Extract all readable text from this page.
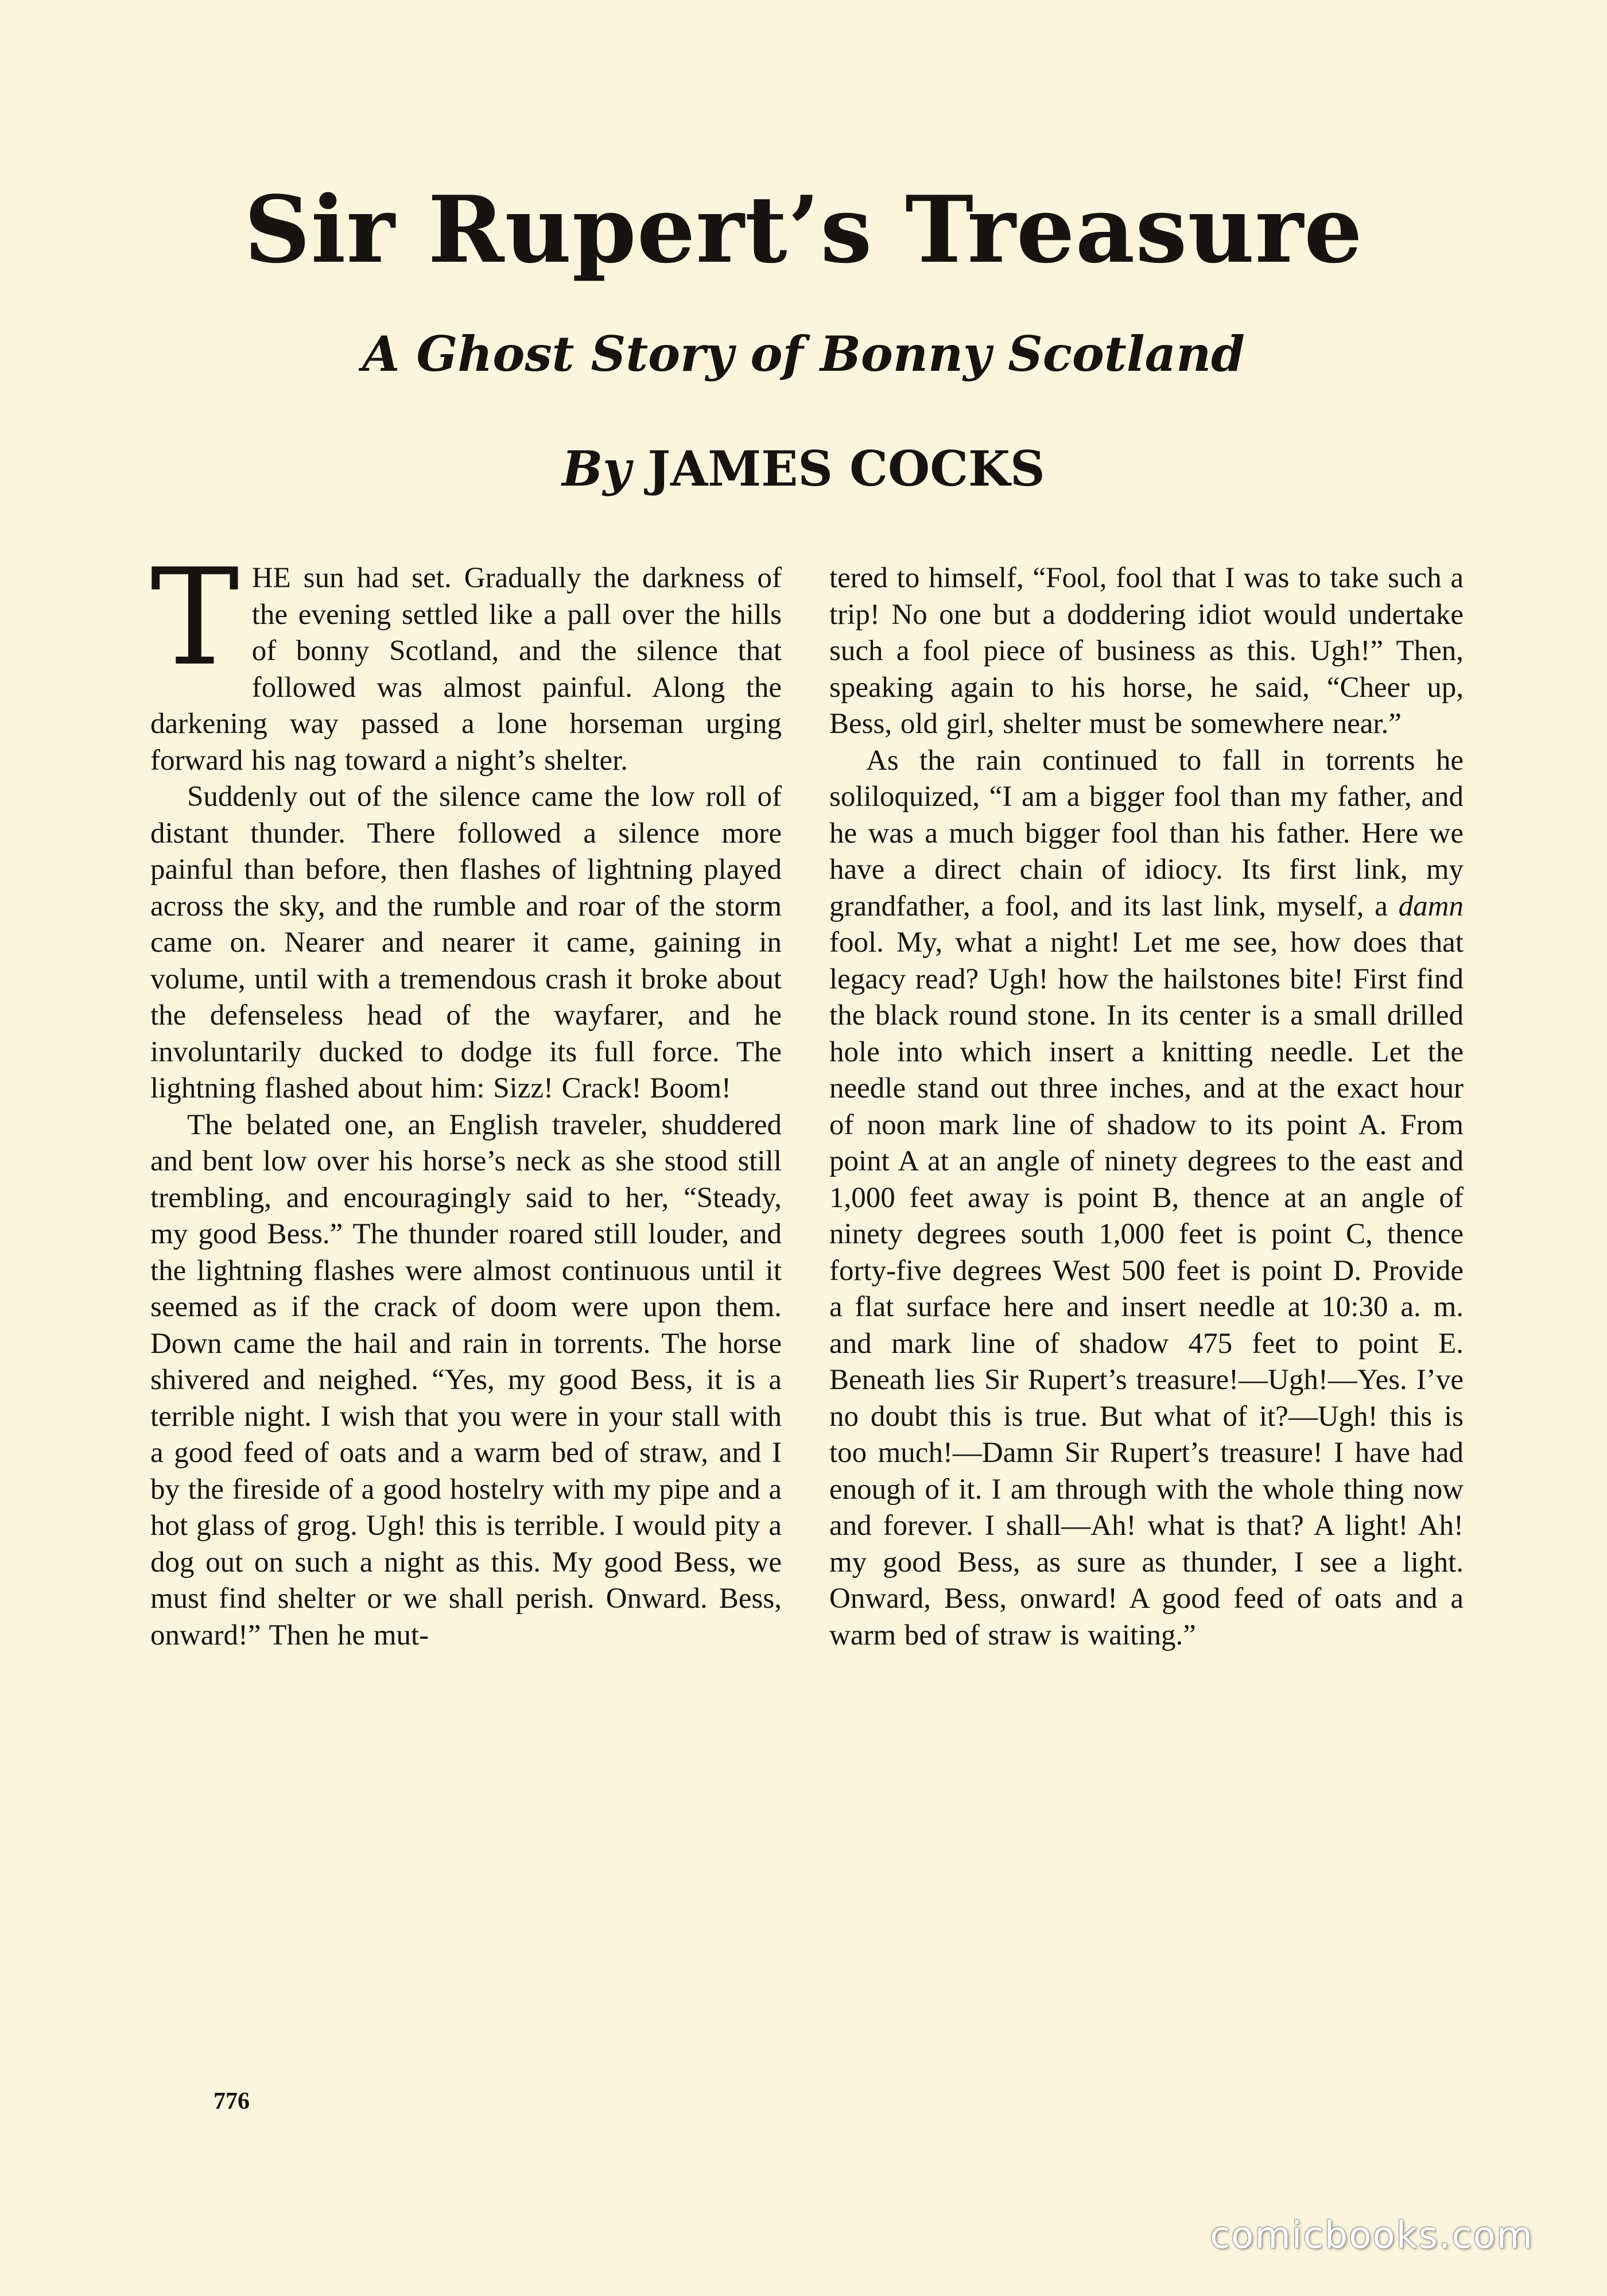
Sir Rupert’s Treasure
A Ghost Story of Bonny Scotland
By JAMES COCKS

THE sun had set. Gradually the darkness of the evening settled like a pall over the hills of bonny Scotland, and the silence that followed was almost painful. Along the darkening way passed a lone horseman urging forward his nag toward a night’s shelter.

Suddenly out of the silence came the low roll of distant thunder. There followed a silence more painful than before, then flashes of lightning played across the sky, and the rumble and roar of the storm came on. Nearer and nearer it came, gaining in volume, until with a tremendous crash it broke about the defenseless head of the wayfarer, and he involuntarily ducked to dodge its full force. The lightning flashed about him: Sizz! Crack! Boom!

The belated one, an English traveler, shuddered and bent low over his horse’s neck as she stood still trembling, and encouragingly said to her, “Steady, my good Bess.” The thunder roared still louder, and the lightning flashes were almost continuous until it seemed as if the crack of doom were upon them. Down came the hail and rain in torrents. The horse shivered and neighed. “Yes, my good Bess, it is a terrible night. I wish that you were in your stall with a good feed of oats and a warm bed of straw, and I by the fireside of a good hostelry with my pipe and a hot glass of grog. Ugh! this is terrible. I would pity a dog out on such a night as this. My good Bess, we must find shelter or we shall perish. Onward. Bess, onward!” Then he mut-

tered to himself, “Fool, fool that I was to take such a trip! No one but a doddering idiot would undertake such a fool piece of business as this. Ugh!” Then, speaking again to his horse, he said, “Cheer up, Bess, old girl, shelter must be somewhere near.”

As the rain continued to fall in torrents he soliloquized, “I am a bigger fool than my father, and he was a much bigger fool than his father. Here we have a direct chain of idiocy. Its first link, my grandfather, a fool, and its last link, myself, a damn fool. My, what a night! Let me see, how does that legacy read? Ugh! how the hailstones bite! First find the black round stone. In its center is a small drilled hole into which insert a knitting needle. Let the needle stand out three inches, and at the exact hour of noon mark line of shadow to its point A. From point A at an angle of ninety degrees to the east and 1,000 feet away is point B, thence at an angle of ninety degrees south 1,000 feet is point C, thence forty-five degrees West 500 feet is point D. Provide a flat surface here and insert needle at 10:30 a. m. and mark line of shadow 475 feet to point E. Beneath lies Sir Rupert’s treasure!—Ugh!—Yes. I’ve no doubt this is true. But what of it?—Ugh! this is too much!—Damn Sir Rupert’s treasure! I have had enough of it. I am through with the whole thing now and forever. I shall—Ah! what is that? A light! Ah! my good Bess, as sure as thunder, I see a light. Onward, Bess, onward! A good feed of oats and a warm bed of straw is waiting.”

776
comicbooks.com
